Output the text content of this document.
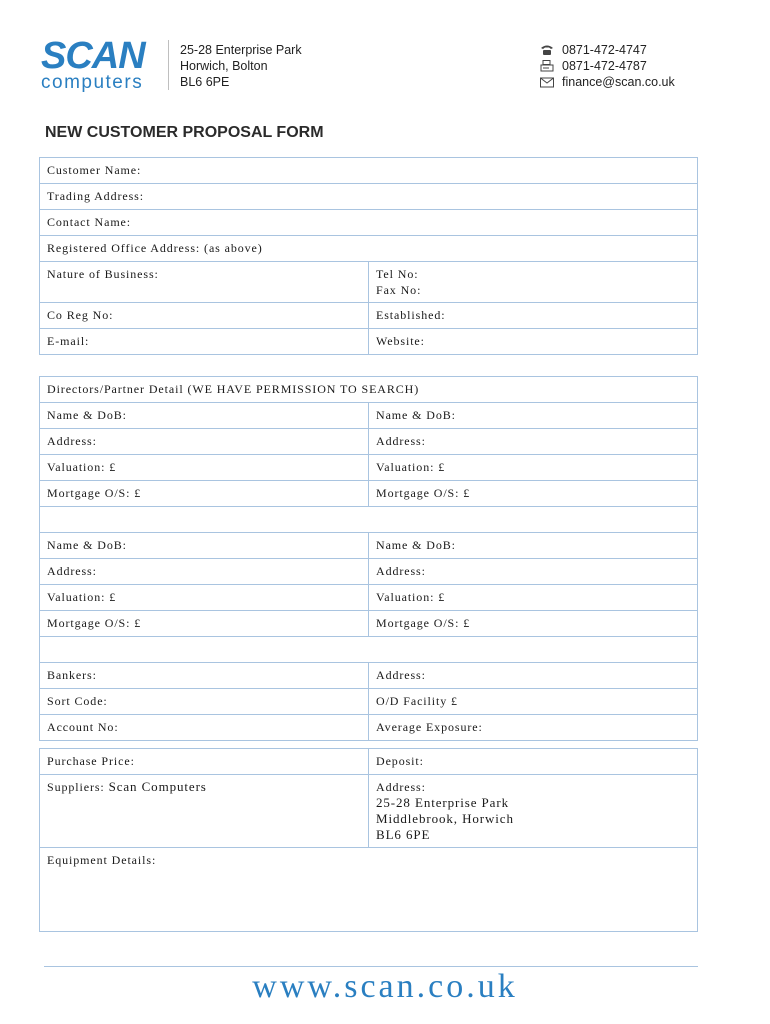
SCAN
computers
25-28 Enterprise Park
Horwich, Bolton
BL6 6PE
0871-472-4747
0871-472-4787
finance@scan.co.uk
NEW CUSTOMER PROPOSAL FORM
Customer Name:	
Trading Address:	
Contact Name:	
Registered Office Address: (as above)	
Nature of Business:	Tel No:
Fax No:

Co Reg No:	Established:
E-mail:	Website:
Directors/Partner Detail (WE HAVE PERMISSION TO SEARCH)	
Name & DoB:	Name & DoB:
Address:	Address:
Valuation: £	Valuation: £
Mortgage O/S: £	Mortgage O/S: £

Name & DoB:	Name & DoB:
Address:	Address:
Valuation: £	Valuation: £
Mortgage O/S: £	Mortgage O/S: £

Bankers:	Address:
Sort Code:	O/D Facility £
Account No:	Average Exposure:
Purchase Price:	Deposit:
Suppliers: Scan Computers	Address:
25-28 Enterprise Park
Middlebrook, Horwich
BL6 6PE

Equipment Details:	
www.scan.co.uk
